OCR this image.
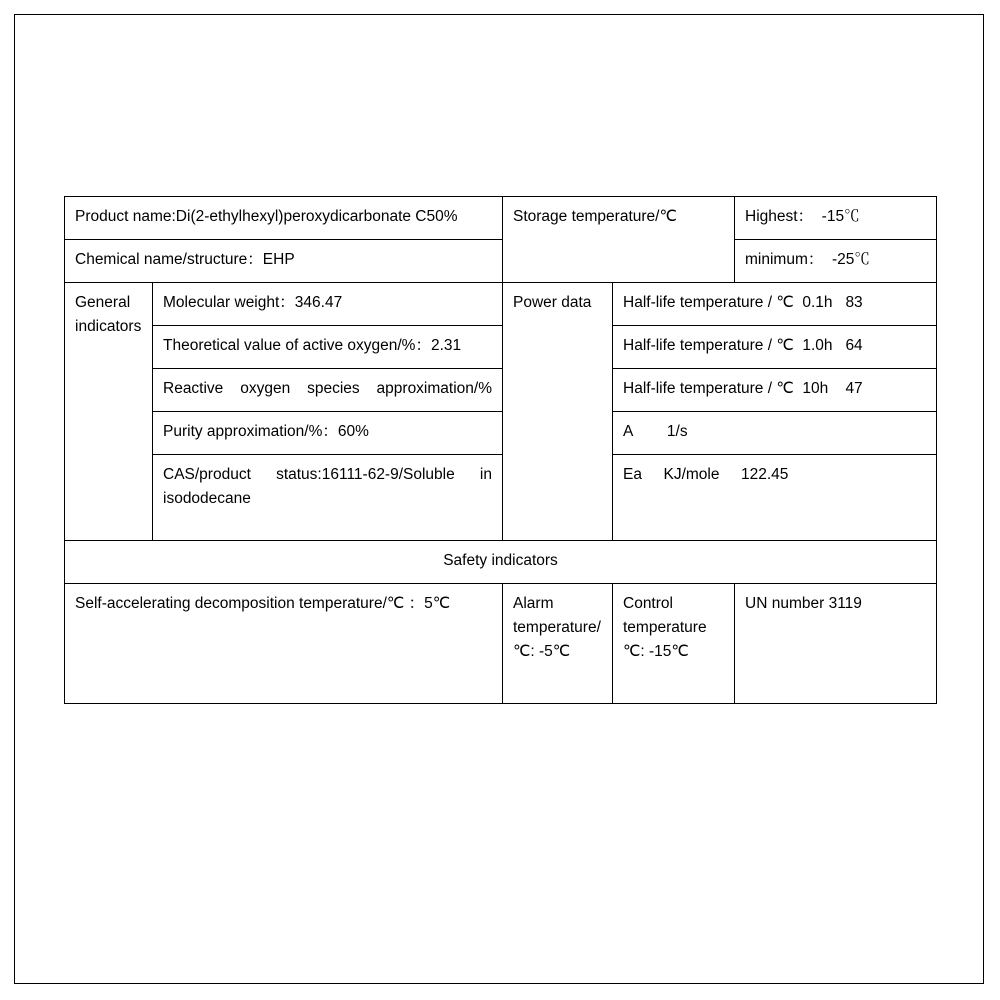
Product name:Di(2-ethylhexyl)peroxydicarbonate C50%		Storage temperature/℃		Highest：  -15℃

Chemical name/structure：EHP				minimum：  -25℃

General indicators	Molecular weight：346.47	Power data	Half-life temperature / ℃  0.1h   83	

	Theoretical value of active oxygen/%：2.31		Half-life temperature / ℃  1.0h   64	

	Reactive oxygen species approximation/%		Half-life temperature / ℃  10h    47	

	Purity approximation/%：60%		A        1/s	

	CAS/product status:16111-62-9/Soluble in isododecane		Ea     KJ/mole     122.45	

Safety indicators				

Self-accelerating decomposition temperature/℃ ：5℃		Alarm temperature/℃: -5℃	Control temperature ℃: -15℃	UN number 3119
